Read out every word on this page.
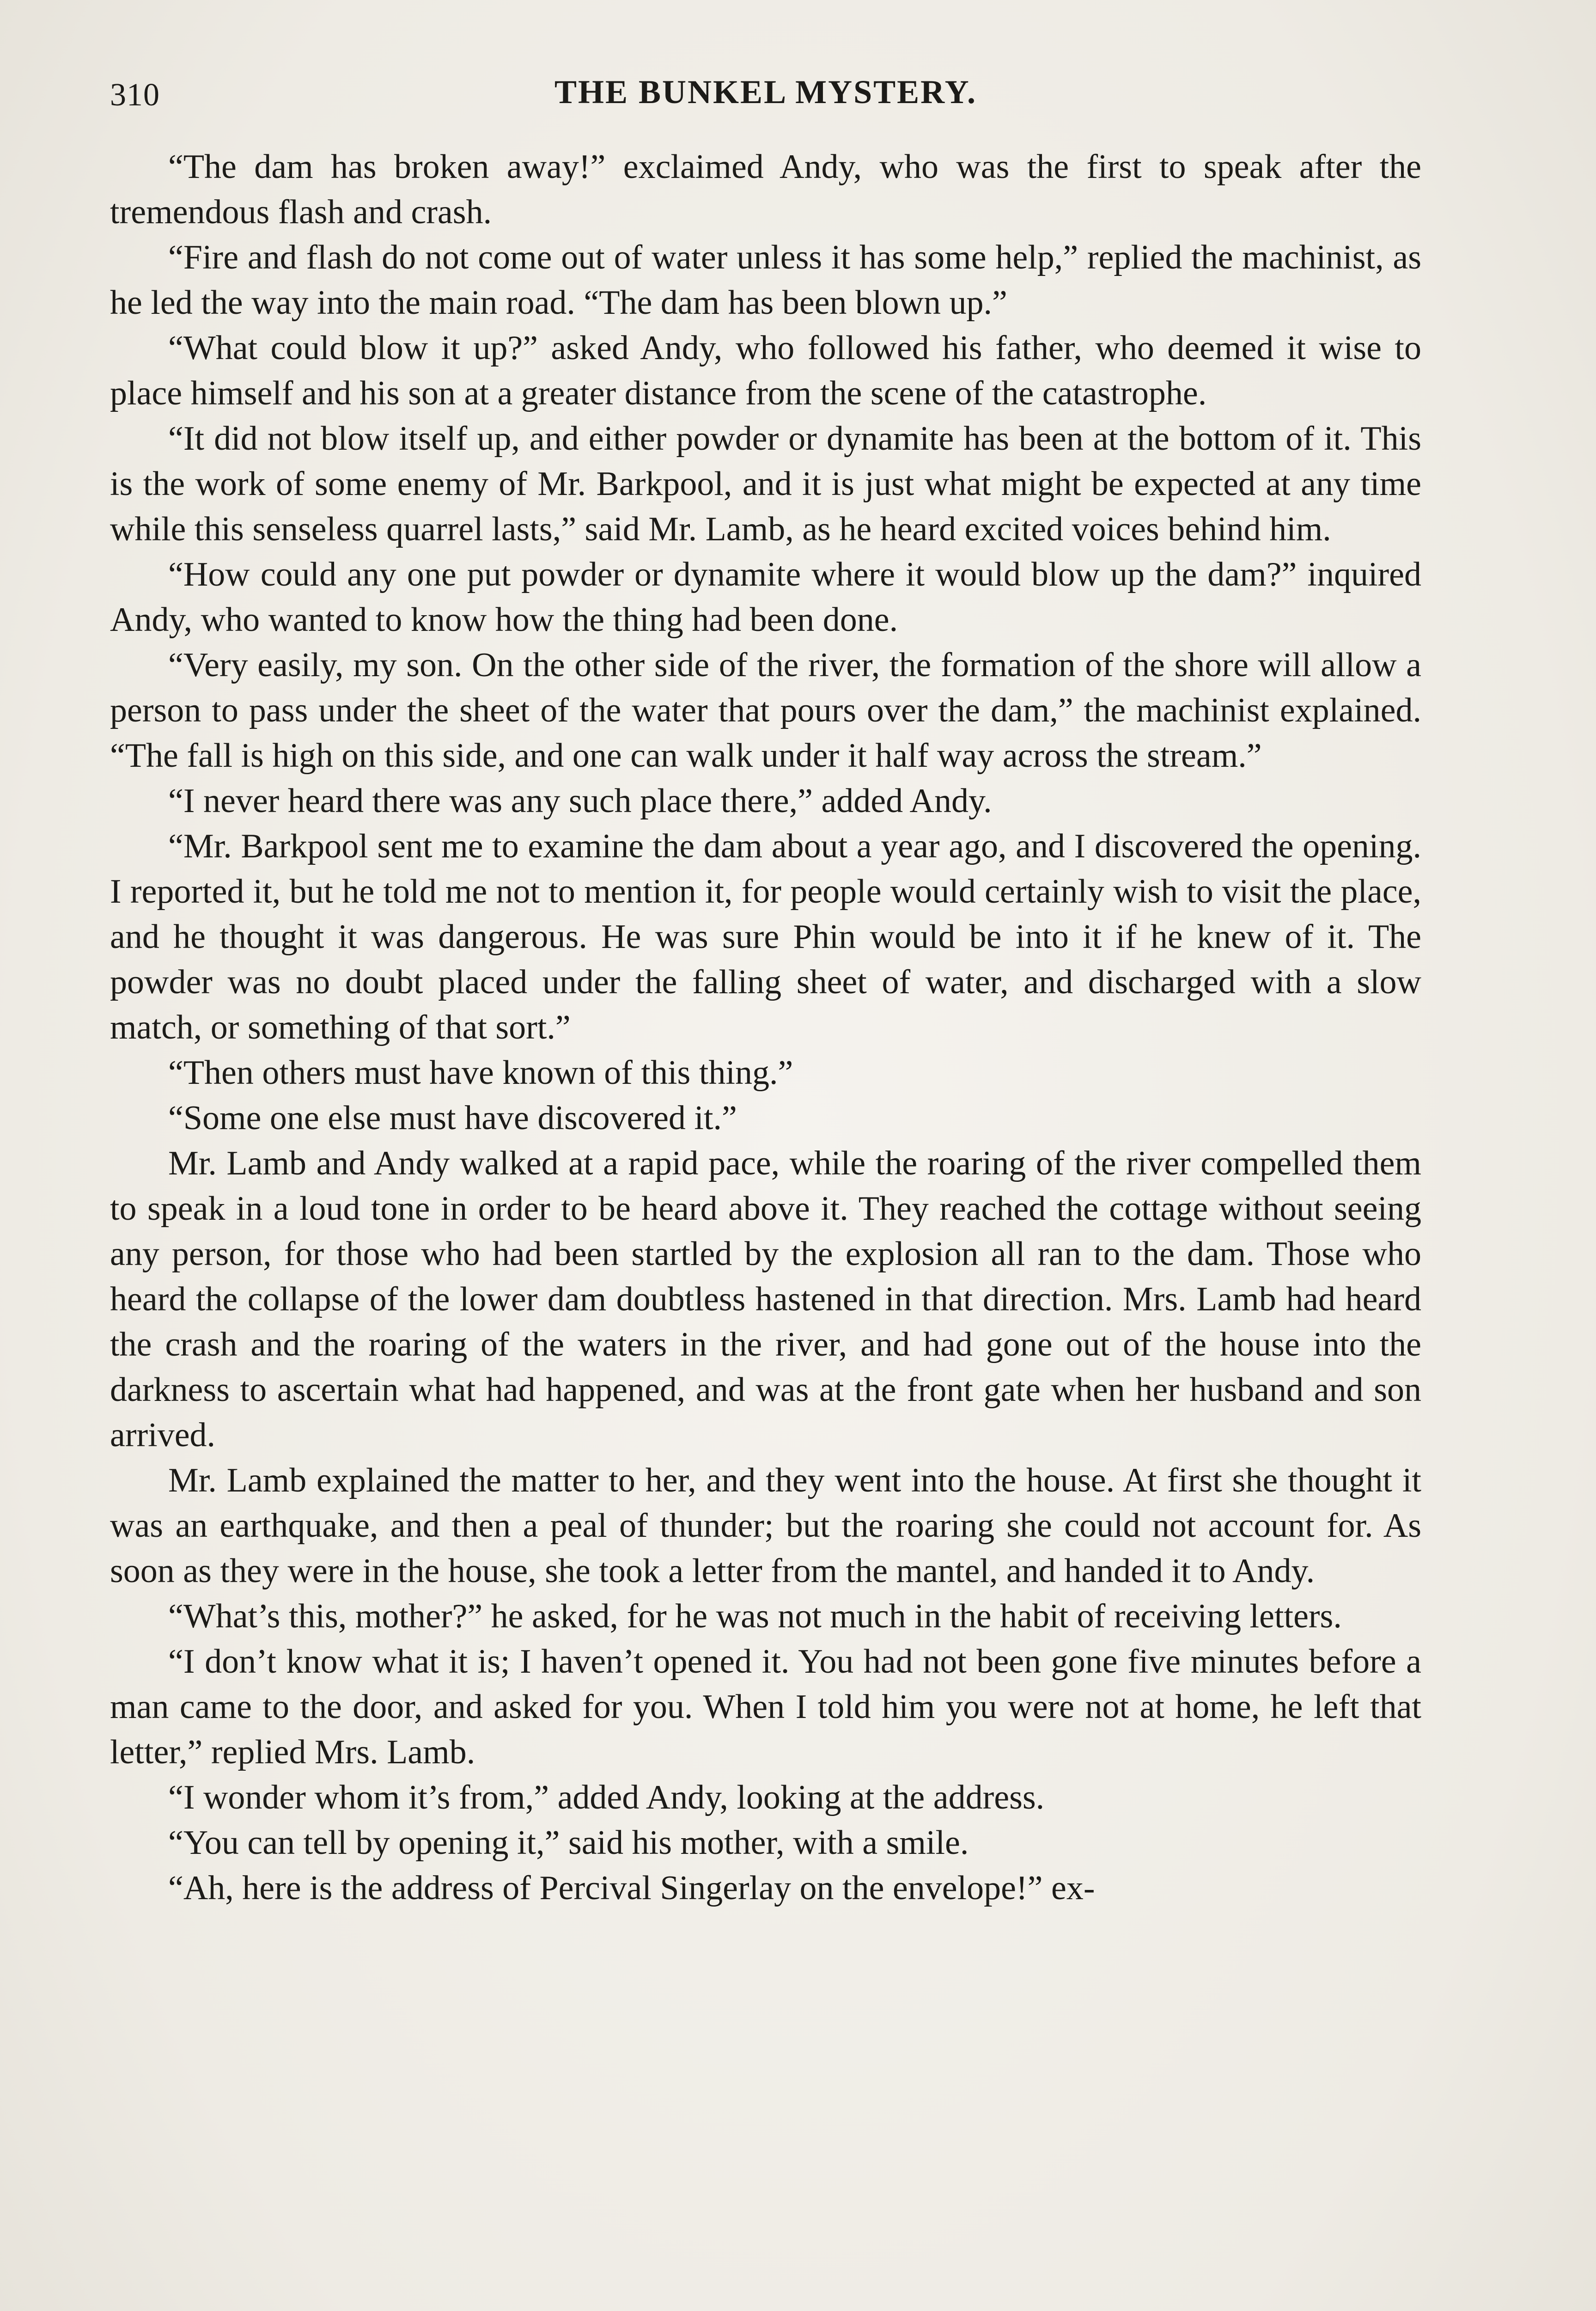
310	THE BUNKEL MYSTERY.

“The dam has broken away!” exclaimed Andy, who was the first to speak after the tremendous flash and crash.

“Fire and flash do not come out of water unless it has some help,” replied the machinist, as he led the way into the main road. “The dam has been blown up.”

“What could blow it up?” asked Andy, who followed his father, who deemed it wise to place himself and his son at a greater distance from the scene of the catastrophe.

“It did not blow itself up, and either powder or dynamite has been at the bottom of it. This is the work of some enemy of Mr. Barkpool, and it is just what might be expected at any time while this senseless quarrel lasts,” said Mr. Lamb, as he heard excited voices behind him.

“How could any one put powder or dynamite where it would blow up the dam?” inquired Andy, who wanted to know how the thing had been done.

“Very easily, my son. On the other side of the river, the formation of the shore will allow a person to pass under the sheet of the water that pours over the dam,” the machinist explained. “The fall is high on this side, and one can walk under it half way across the stream.”

“I never heard there was any such place there,” added Andy.

“Mr. Barkpool sent me to examine the dam about a year ago, and I discovered the opening. I reported it, but he told me not to mention it, for people would certainly wish to visit the place, and he thought it was dangerous. He was sure Phin would be into it if he knew of it. The powder was no doubt placed under the falling sheet of water, and discharged with a slow match, or something of that sort.”

“Then others must have known of this thing.”

“Some one else must have discovered it.”

Mr. Lamb and Andy walked at a rapid pace, while the roaring of the river compelled them to speak in a loud tone in order to be heard above it. They reached the cottage without seeing any person, for those who had been startled by the explosion all ran to the dam. Those who heard the collapse of the lower dam doubtless hastened in that direction. Mrs. Lamb had heard the crash and the roaring of the waters in the river, and had gone out of the house into the darkness to ascertain what had happened, and was at the front gate when her husband and son arrived.

Mr. Lamb explained the matter to her, and they went into the house. At first she thought it was an earthquake, and then a peal of thunder; but the roaring she could not account for. As soon as they were in the house, she took a letter from the mantel, and handed it to Andy.

“What’s this, mother?” he asked, for he was not much in the habit of receiving letters.

“I don’t know what it is; I haven’t opened it. You had not been gone five minutes before a man came to the door, and asked for you. When I told him you were not at home, he left that letter,” replied Mrs. Lamb.

“I wonder whom it’s from,” added Andy, looking at the address.

“You can tell by opening it,” said his mother, with a smile.

“Ah, here is the address of Percival Singerlay on the envelope!” ex-
